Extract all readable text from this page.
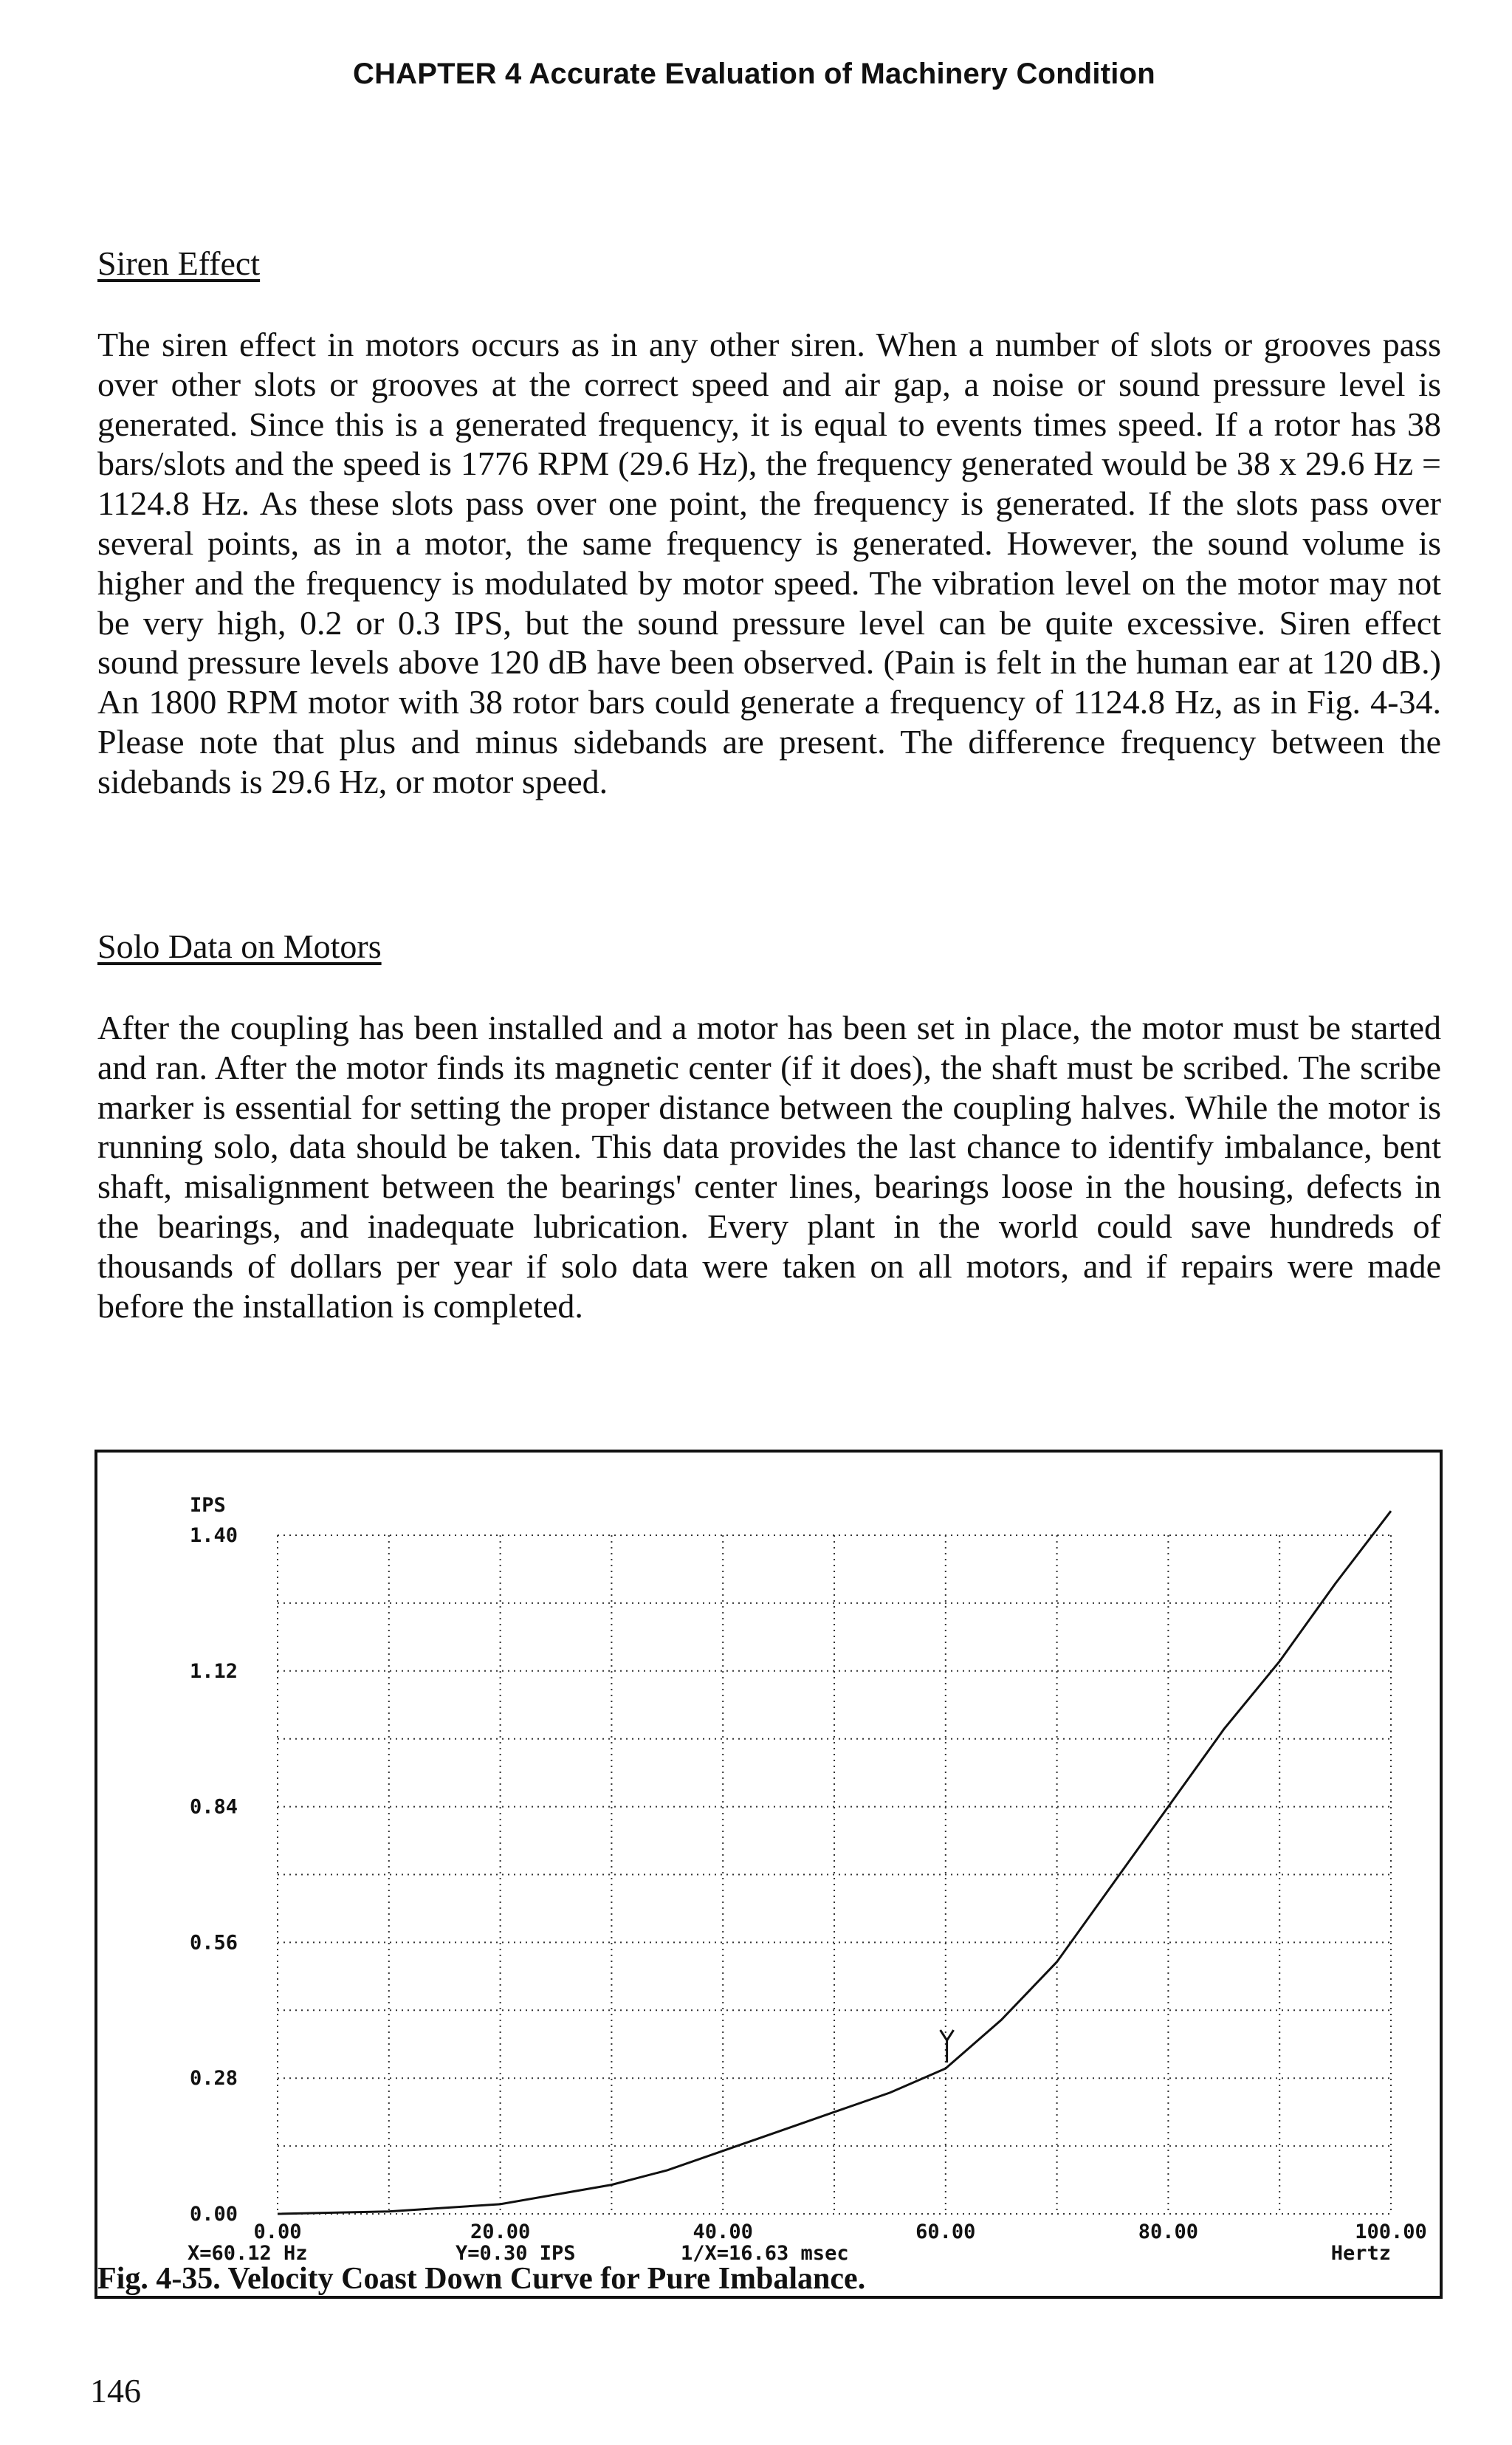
CHAPTER 4 Accurate Evaluation of Machinery Condition
Siren Effect

The siren effect in motors occurs as in any other siren. When a number of slots or grooves pass over other slots or grooves at the correct speed and air gap, a noise or sound pressure level is generated. Since this is a generated frequency, it is equal to events times speed. If a rotor has 38 bars/slots and the speed is 1776 RPM (29.6 Hz), the frequency generated would be 38 x 29.6 Hz = 1124.8 Hz. As these slots pass over one point, the frequency is generated. If the slots pass over several points, as in a motor, the same frequency is generated. However, the sound volume is higher and the frequency is modulated by motor speed. The vibration level on the motor may not be very high, 0.2 or 0.3 IPS, but the sound pressure level can be quite excessive. Siren effect sound pressure levels above 120 dB have been observed. (Pain is felt in the human ear at 120 dB.) An 1800 RPM motor with 38 rotor bars could generate a frequency of 1124.8 Hz, as in Fig. 4-34. Please note that plus and minus sidebands are present. The difference frequency between the sidebands is 29.6 Hz, or motor speed.

Solo Data on Motors

After the coupling has been installed and a motor has been set in place, the motor must be started and ran. After the motor finds its magnetic center (if it does), the shaft must be scribed. The scribe marker is essential for setting the proper distance between the coupling halves. While the motor is running solo, data should be taken. This data provides the last chance to identify imbalance, bent shaft, misalignment between the bearings' center lines, bearings loose in the housing, defects in the bearings, and inadequate lubrication. Every plant in the world could save hundreds of thousands of dollars per year if solo data were taken on all motors, and if repairs were made before the installation is completed.

IPS
0.00
0.28
0.56
0.84
1.12
1.40
0.00	20.00	40.00	60.00	80.00	100.00
Hertz
X=60.12 Hz	Y=0.30 IPS	1/X=16.63 msec
Fig. 4-35. Velocity Coast Down Curve for Pure Imbalance.
146
